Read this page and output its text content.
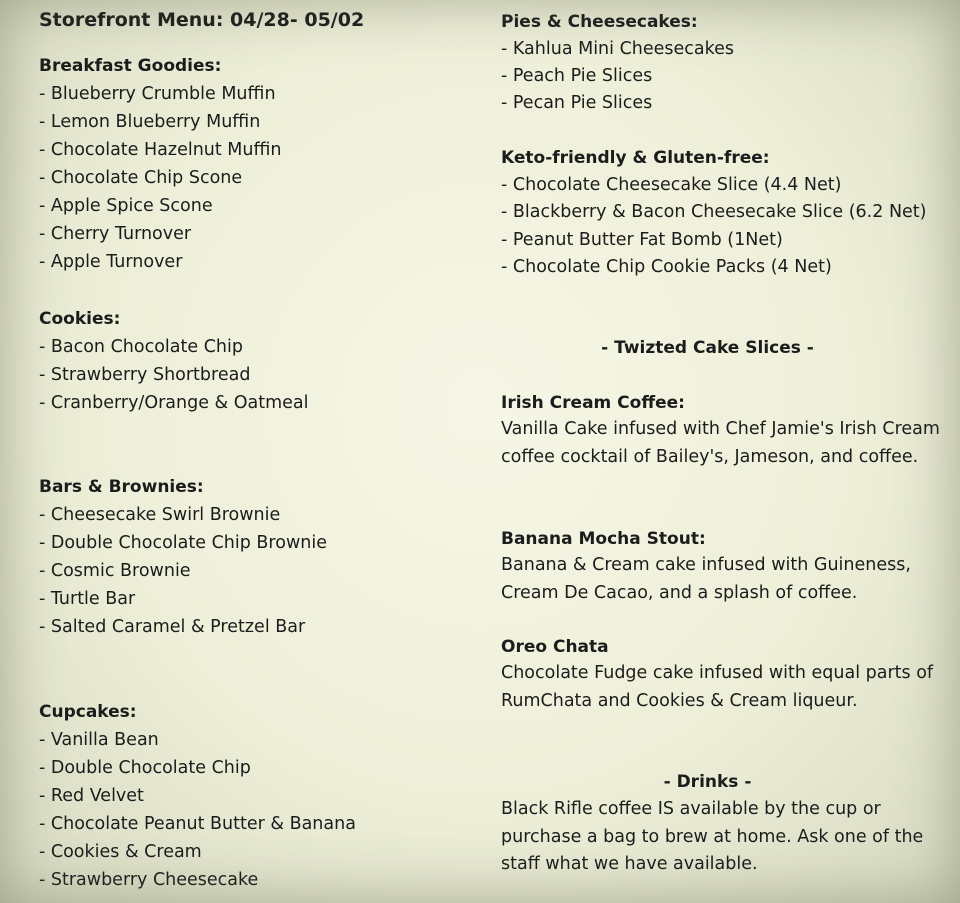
Storefront Menu: 04/28- 05/02
Breakfast Goodies:
- Blueberry Crumble Muffin
- Lemon Blueberry Muffin
- Chocolate Hazelnut Muffin
- Chocolate Chip Scone
- Apple Spice Scone
- Cherry Turnover
- Apple Turnover
Cookies:
- Bacon Chocolate Chip
- Strawberry Shortbread
- Cranberry/Orange & Oatmeal
Bars & Brownies:
- Cheesecake Swirl Brownie
- Double Chocolate Chip Brownie
- Cosmic Brownie
- Turtle Bar
- Salted Caramel & Pretzel Bar
Cupcakes:
- Vanilla Bean
- Double Chocolate Chip
- Red Velvet
- Chocolate Peanut Butter & Banana
- Cookies & Cream
- Strawberry Cheesecake
Pies & Cheesecakes:
- Kahlua Mini Cheesecakes
- Peach Pie Slices
- Pecan Pie Slices
Keto-friendly & Gluten-free:
- Chocolate Cheesecake Slice (4.4 Net)
- Blackberry & Bacon Cheesecake Slice (6.2 Net)
- Peanut Butter Fat Bomb (1Net)
- Chocolate Chip Cookie Packs (4 Net)
- Twizted Cake Slices -
Irish Cream Coffee:
Vanilla Cake infused with Chef Jamie's Irish Cream coffee cocktail of Bailey's, Jameson, and coffee.
Banana Mocha Stout:
Banana & Cream cake infused with Guineness, Cream De Cacao, and a splash of coffee.
Oreo Chata
Chocolate Fudge cake infused with equal parts of RumChata and Cookies & Cream liqueur.
- Drinks -
Black Rifle coffee IS available by the cup or purchase a bag to brew at home. Ask one of the staff what we have available.
